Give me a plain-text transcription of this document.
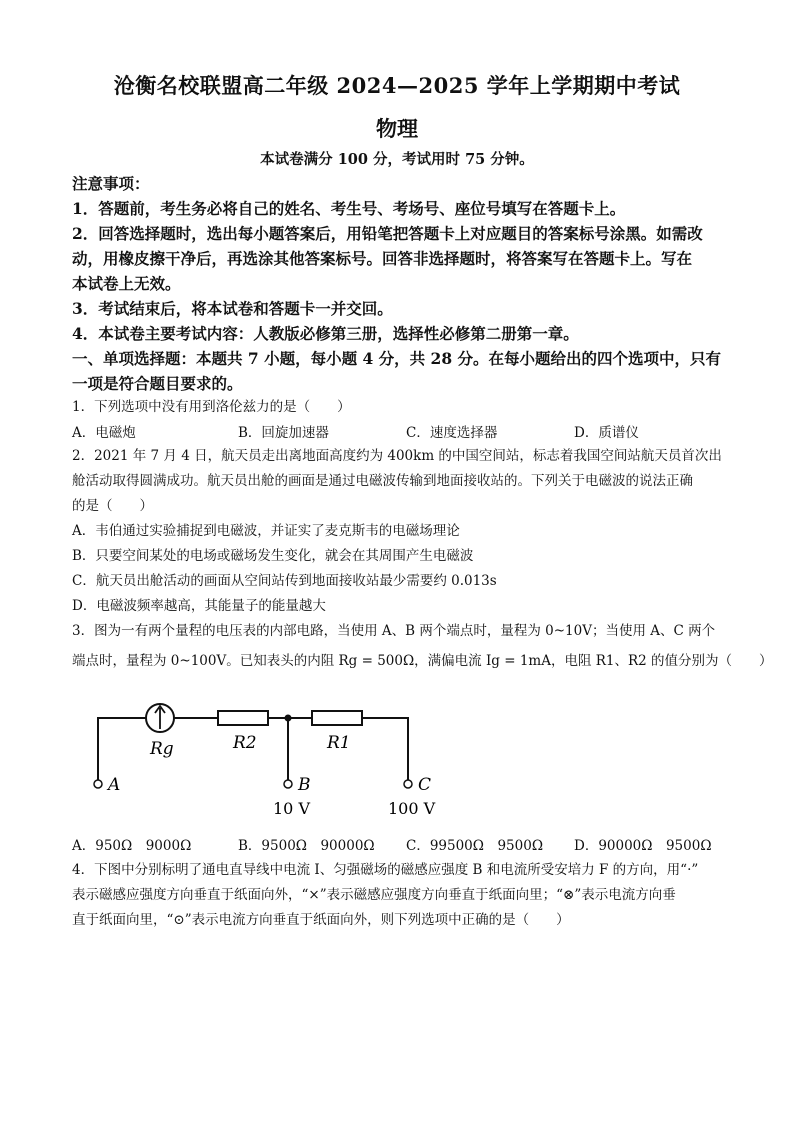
沧衡名校联盟高二年级 2024—2025 学年上学期期中考试
物理
本试卷满分 100 分，考试用时 75 分钟。
注意事项：
1．答题前，考生务必将自己的姓名、考生号、考场号、座位号填写在答题卡上。
2．回答选择题时，选出每小题答案后，用铅笔把答题卡上对应题目的答案标号涂黑。如需改
动，用橡皮擦干净后，再选涂其他答案标号。回答非选择题时，将答案写在答题卡上。写在
本试卷上无效。
3．考试结束后，将本试卷和答题卡一并交回。
4．本试卷主要考试内容：人教版必修第三册，选择性必修第二册第一章。
一、单项选择题：本题共 7 小题，每小题 4 分，共 28 分。在每小题给出的四个选项中，只有
一项是符合题目要求的。
1．下列选项中没有用到洛伦兹力的是（　　）
A．电磁炮	B．回旋加速器	C．速度选择器	D．质谱仪
2．2021 年 7 月 4 日，航天员走出离地面高度约为 400km 的中国空间站，标志着我国空间站航天员首次出
舱活动取得圆满成功。航天员出舱的画面是通过电磁波传输到地面接收站的。下列关于电磁波的说法正确
的是（　　）
A．韦伯通过实验捕捉到电磁波，并证实了麦克斯韦的电磁场理论
B．只要空间某处的电场或磁场发生变化，就会在其周围产生电磁波
C．航天员出舱活动的画面从空间站传到地面接收站最少需要约 0.013s
D．电磁波频率越高，其能量子的能量越大
3．图为一有两个量程的电压表的内部电路，当使用 A、B 两个端点时，量程为 0~10V；当使用 A、C 两个
端点时，量程为 0~100V。已知表头的内阻 Rg = 500Ω，满偏电流 Ig = 1mA，电阻 R1、R2 的值分别为（　　）
Rg	R2	R1
A	B	C
10 V	100 V
A．950Ω　9000Ω	B．9500Ω　90000Ω C．99500Ω　9500Ω D．90000Ω　9500Ω
4．下图中分别标明了通电直导线中电流 I、匀强磁场的磁感应强度 B 和电流所受安培力 F 的方向，用“·”
表示磁感应强度方向垂直于纸面向外，“×”表示磁感应强度方向垂直于纸面向里；“⊗”表示电流方向垂
直于纸面向里，“⊙”表示电流方向垂直于纸面向外，则下列选项中正确的是（　　）
